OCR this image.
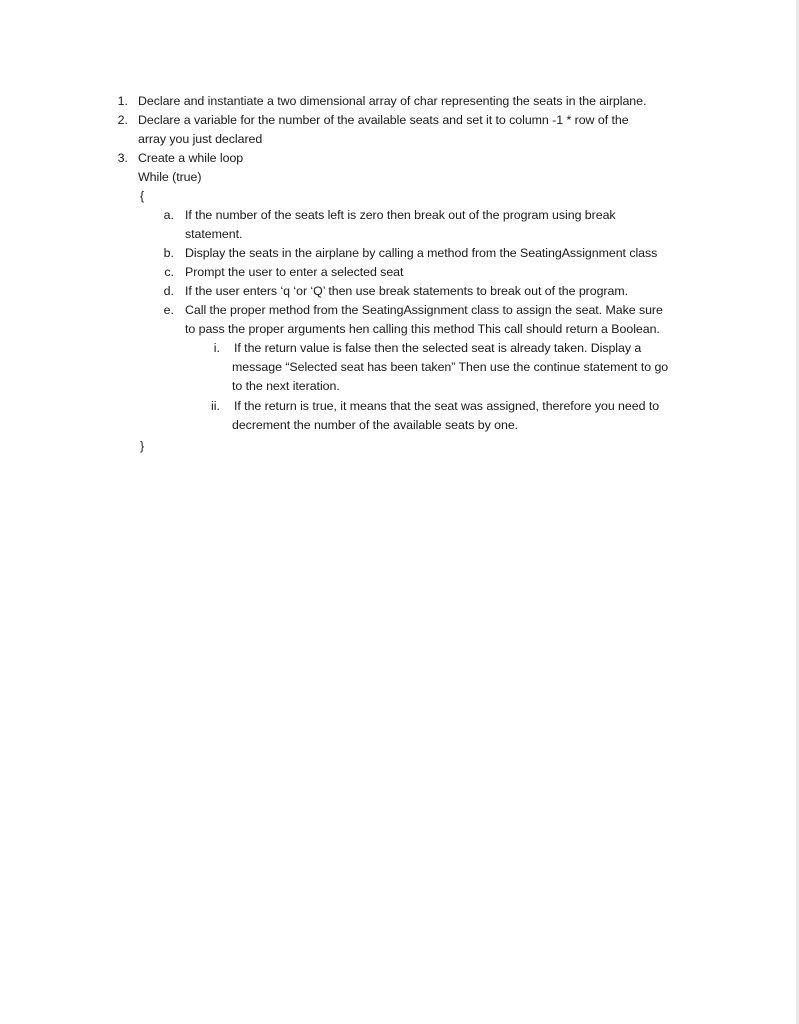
1. Declare and instantiate a two dimensional array of char representing the seats in the airplane.
2. Declare a variable for the number of the available seats and set it to column -1 * row of the
array you just declared
3. Create a while loop
While (true)
{
a. If the number of the seats left is zero then break out of the program using break
statement.
b. Display the seats in the airplane by calling a method from the SeatingAssignment class
c. Prompt the user to enter a selected seat
d. If the user enters ‘q ‘or ‘Q’ then use break statements to break out of the program.
e. Call the proper method from the SeatingAssignment class to assign the seat. Make sure
to pass the proper arguments hen calling this method This call should return a Boolean.
i. If the return value is false then the selected seat is already taken. Display a
message “Selected seat has been taken” Then use the continue statement to go
to the next iteration.
ii. If the return is true, it means that the seat was assigned, therefore you need to
decrement the number of the available seats by one.
}
